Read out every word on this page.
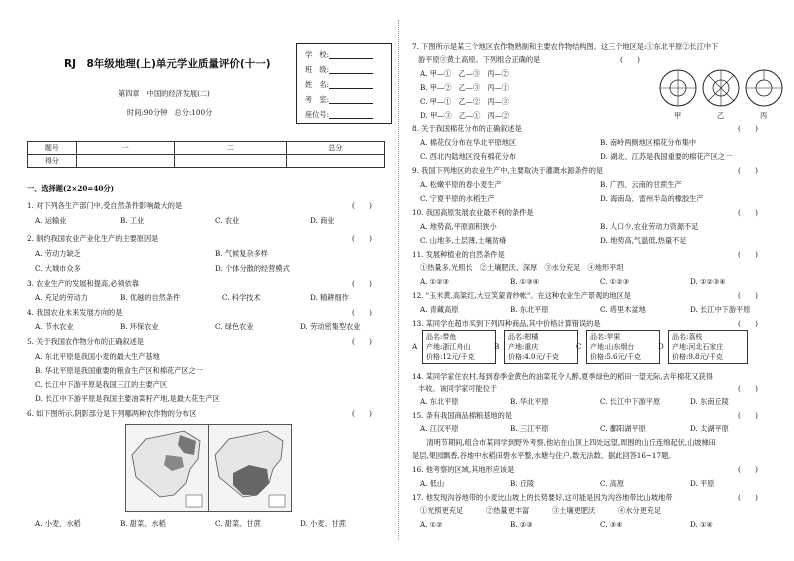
RJ　8年级地理(上)单元学业质量评价(十一)
第四章　中国的经济发展(二)
时间:90分钟　总分:100分
学　校:
班　级:
姓　名:
考　室:
座位号:
题号	一	二	总分
得分			
一、选择题(2×20=40分)
1. 对下列各生产部门中,受自然条件影响最大的是	(　　)
A. 运输业	B. 工业	C. 农业	D. 商业
2. 制约我国农业产业化生产的主要原因是	(　　)
A. 劳动力缺乏	B. 气候复杂多样
C. 大城市众多	D. 个体分散的经营模式
3. 农业生产的发展和提高,必须依靠	(　　)
A. 充足的劳动力	B. 优越的自然条件	C. 科学技术	D. 精耕细作
4. 我国农业未来发展方向的是	(　　)
A. 节水农业	B. 环保农业	C. 绿色农业	D. 劳动密集型农业
5. 关于我国农作物分布的正确叙述是	(　　)
A. 东北平原是我国小麦的最大生产基地
B. 华北平原是我国重要的粮食生产区和棉花产区之一
C. 长江中下游平原是我国三江的主要产区
D. 长江中下游平原是我国主要油菜籽产地,是最大花生产区
6. 如下图所示,阴影部分是下列哪两种农作物的分布区	(　　)
A. 小麦、水稻	B. 甜菜、水稻	C. 甜菜、甘蔗	D. 小麦、甘蔗
7. 下图所示是某三个地区农作物熟制和主要农作物结构图。这三个地区是:①东北平原②长江中下
游平原③黄土高原。下列组合正确的是	(　　)
A. 甲—①　乙—③　丙—②
B. 甲—②　乙—③　丙—①
C. 甲—①　乙—②　丙—③
D. 甲—③　乙—①　丙—②	甲	乙	丙
8. 关于我国棉花分布的正确叙述是	(　　)
A. 棉花仅分布在华北平原地区	B. 南岭两侧地区棉花分布集中
C. 西北内陆地区没有棉花分布	D. 湖北、江苏是我国重要的棉花产区之一
9. 我国下列地区的农业生产中,主要取决于灌溉水源条件的是	(　　)
A. 松嫩平原的春小麦生产	B. 广西、云南的甘蔗生产
C. 宁夏平原的水稻生产	D. 海南岛、雷州半岛的橡胶生产
10. 我国高原发展农业最不利的条件是	(　　)
A. 地势高,平原面积狭小	B. 人口少,农业劳动力资源不足
C. 山地多,土层薄,土壤贫瘠	D. 地势高,气温低,热量不足
11. 发展种植业的自然条件是	(　　)
①热量多,光照长　②土壤肥沃、深厚　③水分充足　④地形平坦
A. ①②③	B. ①③④	C. ①②③	D. ①②③④
12. "玉米黄,高粱红,大豆笑蒙青纱帐"。在这种农业生产景观的地区是	(　　)
A. 青藏高原	B. 东北平原	C. 塔里木盆地	D. 长江中下游平原
13. 某同学在超市买到下列四种商品,其中价格计算错误的是	(　　)
A
品名:带鱼
产地:浙江舟山
价格:12元/千克
B
品名:柑橘
产地:重庆
价格:4.0元/千克
C
品名:苹果
产地:山东烟台
价格:5.6元/千克
D
品名:荔枝
产地:河北石家庄
价格:9.8元/千克
14. 某同学家住农村,每到春季金黄色的油菜花令人醉,夏季绿色的稻田一望无际,去年棉花又获得
丰收。该同学家可能位于	(　　)
A. 东北平原	B. 华北平原	C. 长江中下游平原	D. 东南丘陵
15. 条有我国商品棉粮基地的是	(　　)
A. 江汉平原	B. 三江平原	C. 鄱阳湖平原	D. 太湖平原
　　清明节期间,组合市某同学到野外考察,他站在山顶上四处远望,周围的山丘连绵起伏,山坡梯田
是层,果园飘香,谷地中水稻田碧水平整,水塘与住户,数无法数。据此回答16~17题。
16. 他考察的区域,其地形应该是	(　　)
A. 低山	B. 丘陵	C. 高原	D. 平原
17. 他发现沟谷地带的小麦比山坡上的长势要好,这可能是因为沟谷地带比山坡地带	(　　)
①光照更充足	②热量更丰富	③土壤更肥沃	④水分更充足
A. ①②	B. ②③	C. ③④	D. ①④
